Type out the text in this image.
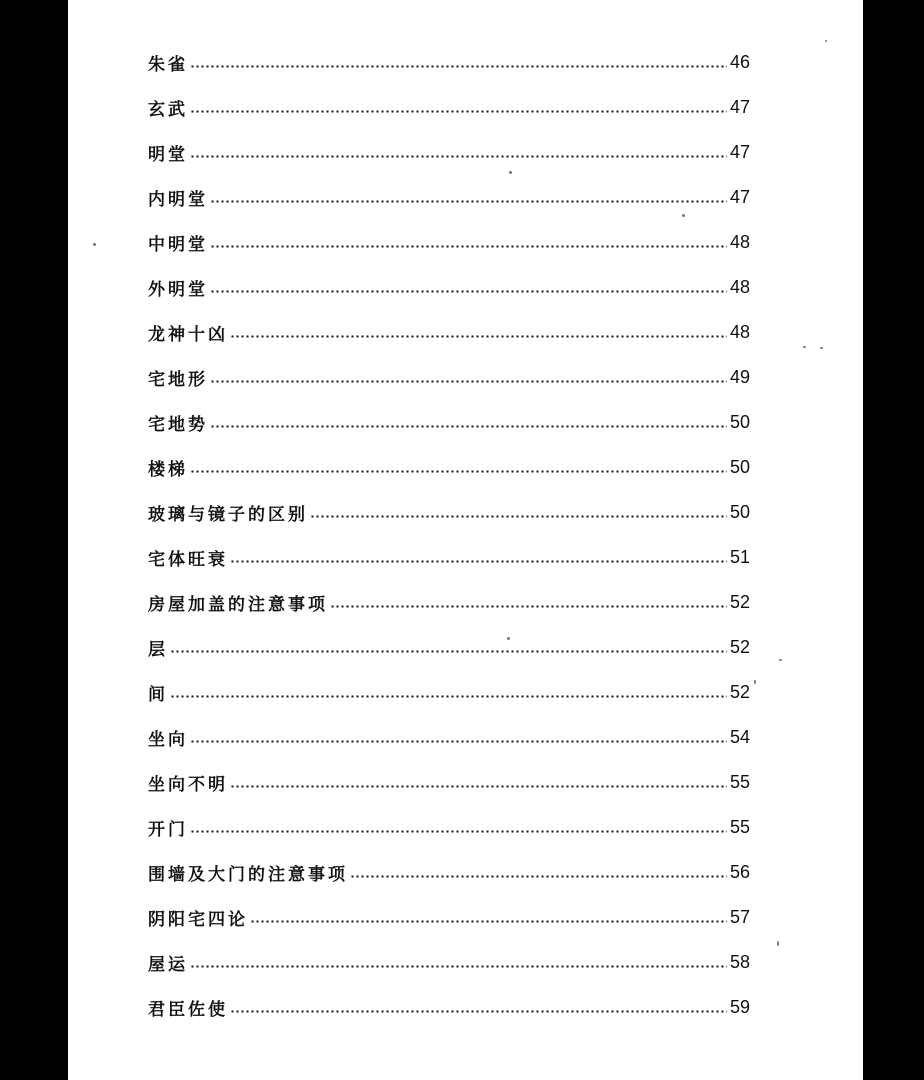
朱雀	46
玄武	47
明堂	47
内明堂	47
中明堂	48
外明堂	48
龙神十凶	48
宅地形	49
宅地势	50
楼梯	50
玻璃与镜子的区别	50
宅体旺衰	51
房屋加盖的注意事项	52
层	52
间	52
坐向	54
坐向不明	55
开门	55
围墙及大门的注意事项	56
阴阳宅四论	57
屋运	58
君臣佐使	59
